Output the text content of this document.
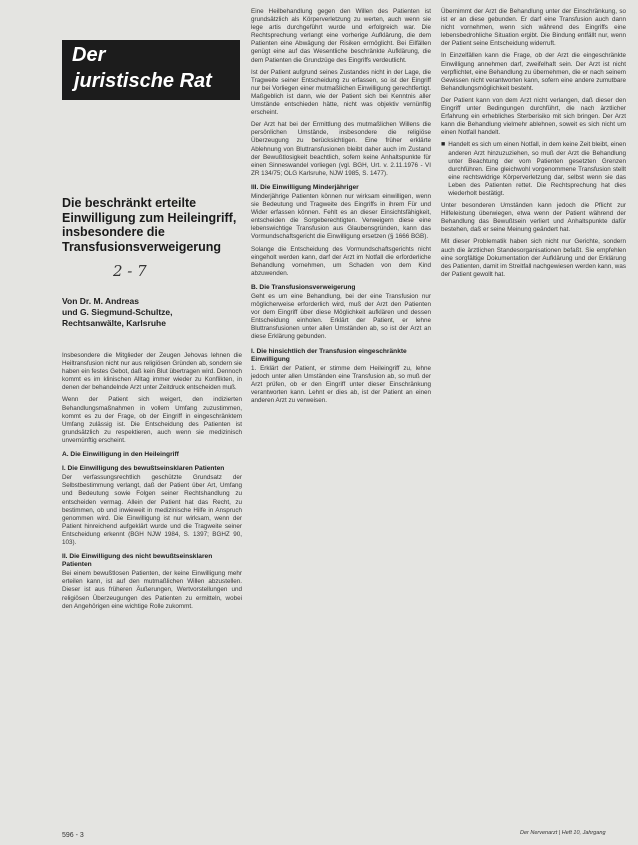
Der
juristische Rat
Die beschränkt erteilte Einwilligung zum Heileingriff, insbesondere die Transfusionsverweigerung
2 - 7
Von Dr. M. Andreas
und G. Siegmund-Schultze,
Rechtsanwälte, Karlsruhe

Insbesondere die Mitglieder der Zeugen Jehovas lehnen die Heiltransfusion nicht nur aus religiösen Gründen ab, sondern sie haben ein festes Gebot, daß kein Blut übertragen wird. Dennoch kommt es im klinischen Alltag immer wieder zu Konflikten, in denen der behandelnde Arzt unter Zeitdruck entscheiden muß.

Wenn der Patient sich weigert, den indizierten Behandlungsmaßnahmen in vollem Umfang zuzustimmen, kommt es zu der Frage, ob der Eingriff in eingeschränktem Umfang zulässig ist. Die Entscheidung des Patienten ist grundsätzlich zu respektieren, auch wenn sie medizinisch unvernünftig erscheint.

A. Die Einwilligung in den Heileingriff
I. Die Einwilligung des bewußtseinsklaren Patienten

Der verfassungsrechtlich geschützte Grundsatz der Selbstbestimmung verlangt, daß der Patient über Art, Umfang und Bedeutung sowie Folgen seiner Rechtshandlung zu entscheiden vermag. Allein der Patient hat das Recht, zu bestimmen, ob und inwieweit in medizinische Hilfe in Anspruch genommen wird. Die Einwilligung ist nur wirksam, wenn der Patient hinreichend aufgeklärt wurde und die Tragweite seiner Entscheidung erkennt (BGH NJW 1984, S. 1397; BGHZ 90, 103).

II. Die Einwilligung des nicht bewußtseinsklaren Patienten

Bei einem bewußtlosen Patienten, der keine Einwilligung mehr erteilen kann, ist auf den mutmaßlichen Willen abzustellen. Dieser ist aus früheren Äußerungen, Wertvorstellungen und religiösen Überzeugungen des Patienten zu ermitteln, wobei den Angehörigen eine wichtige Rolle zukommt.

596 - 3

Eine Heilbehandlung gegen den Willen des Patienten ist grundsätzlich als Körperverletzung zu werten, auch wenn sie lege artis durchgeführt wurde und erfolgreich war. Die Rechtsprechung verlangt eine vorherige Aufklärung, die dem Patienten eine Abwägung der Risiken ermöglicht. Bei Eilfällen genügt eine auf das Wesentliche beschränkte Aufklärung, die dem Patienten die Grundzüge des Eingriffs verdeutlicht.

Ist der Patient aufgrund seines Zustandes nicht in der Lage, die Tragweite seiner Entscheidung zu erfassen, so ist der Eingriff nur bei Vorliegen einer mutmaßlichen Einwilligung gerechtfertigt. Maßgeblich ist dann, wie der Patient sich bei Kenntnis aller Umstände entschieden hätte, nicht was objektiv vernünftig erscheint.

Der Arzt hat bei der Ermittlung des mutmaßlichen Willens die persönlichen Umstände, insbesondere die religiöse Überzeugung zu berücksichtigen. Eine früher erklärte Ablehnung von Bluttransfusionen bleibt daher auch im Zustand der Bewußtlosigkeit beachtlich, sofern keine Anhaltspunkte für einen Sinneswandel vorliegen (vgl. BGH, Urt. v. 2.11.1976 - VI ZR 134/75; OLG Karlsruhe, NJW 1985, S. 1477).

III. Die Einwilligung Minderjähriger

Minderjährige Patienten können nur wirksam einwilligen, wenn sie Bedeutung und Tragweite des Eingriffs in ihrem Für und Wider erfassen können. Fehlt es an dieser Einsichtsfähigkeit, entscheiden die Sorgeberechtigten. Verweigern diese eine lebenswichtige Transfusion aus Glaubensgründen, kann das Vormundschaftsgericht die Einwilligung ersetzen (§ 1666 BGB).

Solange die Entscheidung des Vormundschaftsgerichts nicht eingeholt werden kann, darf der Arzt im Notfall die erforderliche Behandlung vornehmen, um Schaden von dem Kind abzuwenden.

B. Die Transfusionsverweigerung

Geht es um eine Behandlung, bei der eine Transfusion nur möglicherweise erforderlich wird, muß der Arzt den Patienten vor dem Eingriff über diese Möglichkeit aufklären und dessen Entscheidung einholen. Erklärt der Patient, er lehne Bluttransfusionen unter allen Umständen ab, so ist der Arzt an diese Erklärung gebunden.

I. Die hinsichtlich der Transfusion eingeschränkte Einwilligung

1. Erklärt der Patient, er stimme dem Heileingriff zu, lehne jedoch unter allen Umständen eine Transfusion ab, so muß der Arzt prüfen, ob er den Eingriff unter dieser Einschränkung verantworten kann. Lehnt er dies ab, ist der Patient an einen anderen Arzt zu verweisen.

Übernimmt der Arzt die Behandlung unter der Einschränkung, so ist er an diese gebunden. Er darf eine Transfusion auch dann nicht vornehmen, wenn sich während des Eingriffs eine lebensbedrohliche Situation ergibt. Die Bindung entfällt nur, wenn der Patient seine Entscheidung widerruft.

In Einzelfällen kann die Frage, ob der Arzt die eingeschränkte Einwilligung annehmen darf, zweifelhaft sein. Der Arzt ist nicht verpflichtet, eine Behandlung zu übernehmen, die er nach seinem Gewissen nicht verantworten kann, sofern eine andere zumutbare Behandlungsmöglichkeit besteht.

Der Patient kann von dem Arzt nicht verlangen, daß dieser den Eingriff unter Bedingungen durchführt, die nach ärztlicher Erfahrung ein erhebliches Sterberisiko mit sich bringen. Der Arzt kann die Behandlung vielmehr ablehnen, soweit es sich nicht um einen Notfall handelt.

■ Handelt es sich um einen Notfall, in dem keine Zeit bleibt, einen anderen Arzt hinzuzuziehen, so muß der Arzt die Behandlung unter Beachtung der vom Patienten gesetzten Grenzen durchführen. Eine gleichwohl vorgenommene Transfusion stellt eine rechtswidrige Körperverletzung dar, selbst wenn sie das Leben des Patienten rettet. Die Rechtsprechung hat dies wiederholt bestätigt.

Unter besonderen Umständen kann jedoch die Pflicht zur Hilfeleistung überwiegen, etwa wenn der Patient während der Behandlung das Bewußtsein verliert und Anhaltspunkte dafür bestehen, daß er seine Meinung geändert hat.

Mit dieser Problematik haben sich nicht nur Gerichte, sondern auch die ärztlichen Standesorganisationen befaßt. Sie empfehlen eine sorgfältige Dokumentation der Aufklärung und der Erklärung des Patienten, damit im Streitfall nachgewiesen werden kann, was der Patient gewollt hat.

Der Nervenarzt | Heft 10, Jahrgang
